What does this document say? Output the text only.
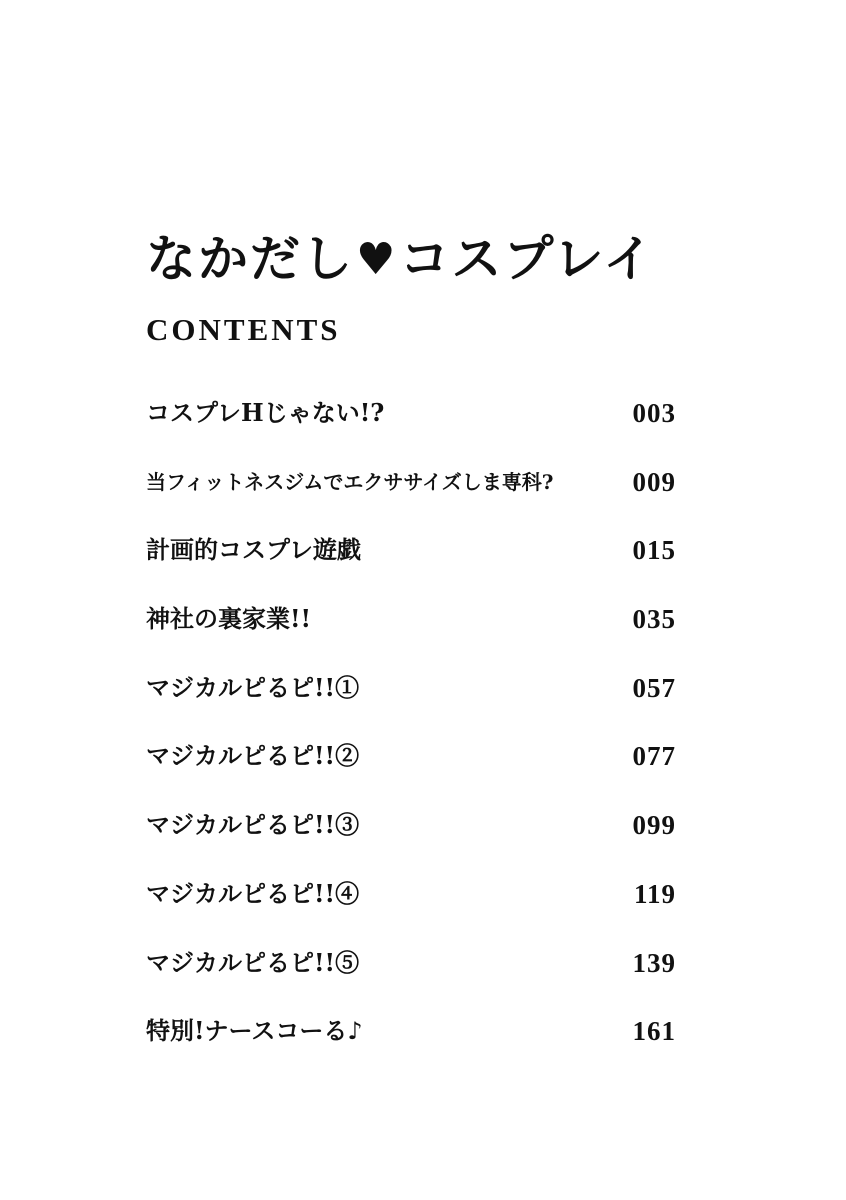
なかだし♥コスプレイ
CONTENTS
コスプレHじゃない!?	003
当フィットネスジムでエクササイズしま専科?	009
計画的コスプレ遊戯	015
神社の裏家業!!	035
マジカルピるピ!!①	057
マジカルピるピ!!②	077
マジカルピるピ!!③	099
マジカルピるピ!!④	119
マジカルピるピ!!⑤	139
特別!ナースコーる♪	161
